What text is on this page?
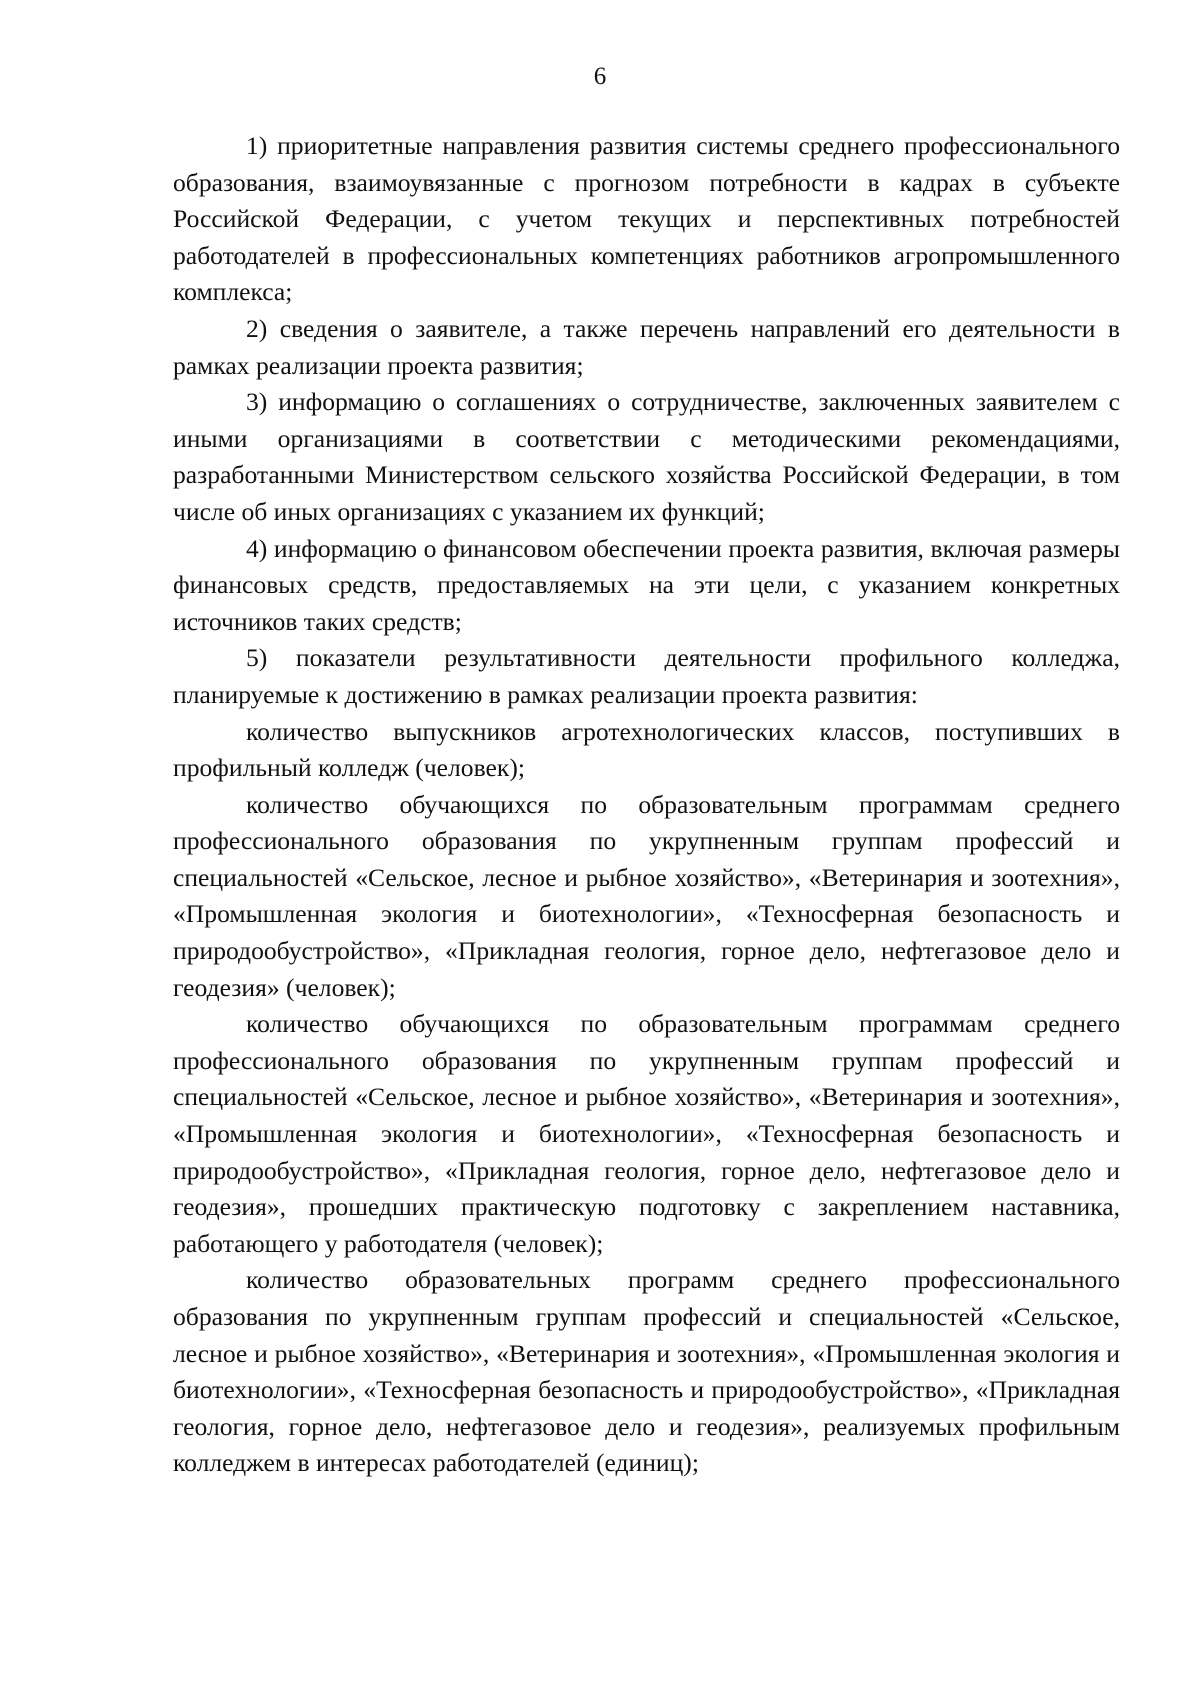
6

1) приоритетные направления развития системы среднего профессионального образования, взаимоувязанные с прогнозом потребности в кадрах в субъекте Российской Федерации, с учетом текущих и перспективных потребностей работодателей в профессиональных компетенциях работников агропромышленного комплекса;

2) сведения о заявителе, а также перечень направлений его деятельности в рамках реализации проекта развития;

3) информацию о соглашениях о сотрудничестве, заключенных заявителем с иными организациями в соответствии с методическими рекомендациями, разработанными Министерством сельского хозяйства Российской Федерации, в том числе об иных организациях с указанием их функций;

4) информацию о финансовом обеспечении проекта развития, включая размеры финансовых средств, предоставляемых на эти цели, с указанием конкретных источников таких средств;

5) показатели результативности деятельности профильного колледжа, планируемые к достижению в рамках реализации проекта развития:

количество выпускников агротехнологических классов, поступивших в профильный колледж (человек);

количество обучающихся по образовательным программам среднего профессионального образования по укрупненным группам профессий и специальностей «Сельское, лесное и рыбное хозяйство», «Ветеринария и зоотехния», «Промышленная экология и биотехнологии», «Техносферная безопасность и природообустройство», «Прикладная геология, горное дело, нефтегазовое дело и геодезия» (человек);

количество обучающихся по образовательным программам среднего профессионального образования по укрупненным группам профессий и специальностей «Сельское, лесное и рыбное хозяйство», «Ветеринария и зоотехния», «Промышленная экология и биотехнологии», «Техносферная безопасность и природообустройство», «Прикладная геология, горное дело, нефтегазовое дело и геодезия», прошедших практическую подготовку с закреплением наставника, работающего у работодателя (человек);

количество образовательных программ среднего профессионального образования по укрупненным группам профессий и специальностей «Сельское, лесное и рыбное хозяйство», «Ветеринария и зоотехния», «Промышленная экология и биотехнологии», «Техносферная безопасность и природообустройство», «Прикладная геология, горное дело, нефтегазовое дело и геодезия», реализуемых профильным колледжем в интересах работодателей (единиц);
